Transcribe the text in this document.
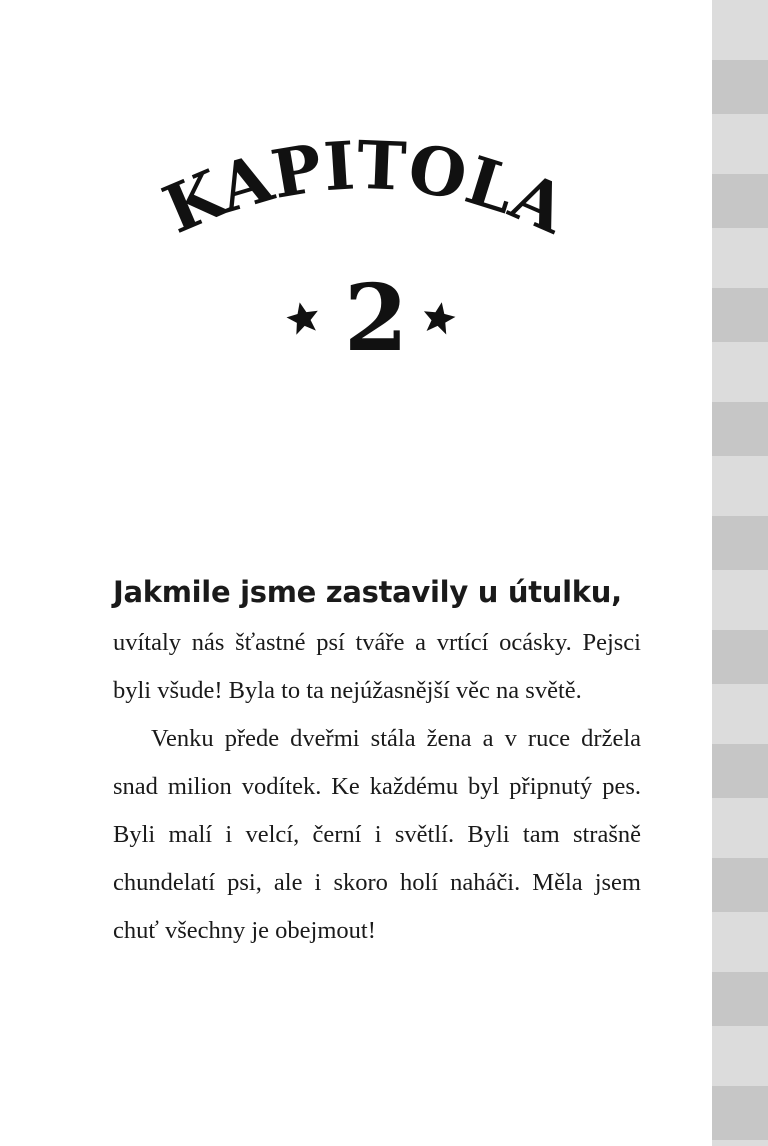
KAPITOLA
2

Jakmile jsme zastavily u útulku,

uvítaly nás šťastné psí tváře a vrtící ocásky. Pejsci byli všude! Byla to ta nejúžasnější věc na světě.

Venku přede dveřmi stála žena a v ruce držela snad milion vodítek. Ke každému byl připnutý pes. Byli malí i velcí, černí i světlí. Byli tam strašně chundelatí psi, ale i skoro holí naháči. Měla jsem chuť všechny je obejmout!
